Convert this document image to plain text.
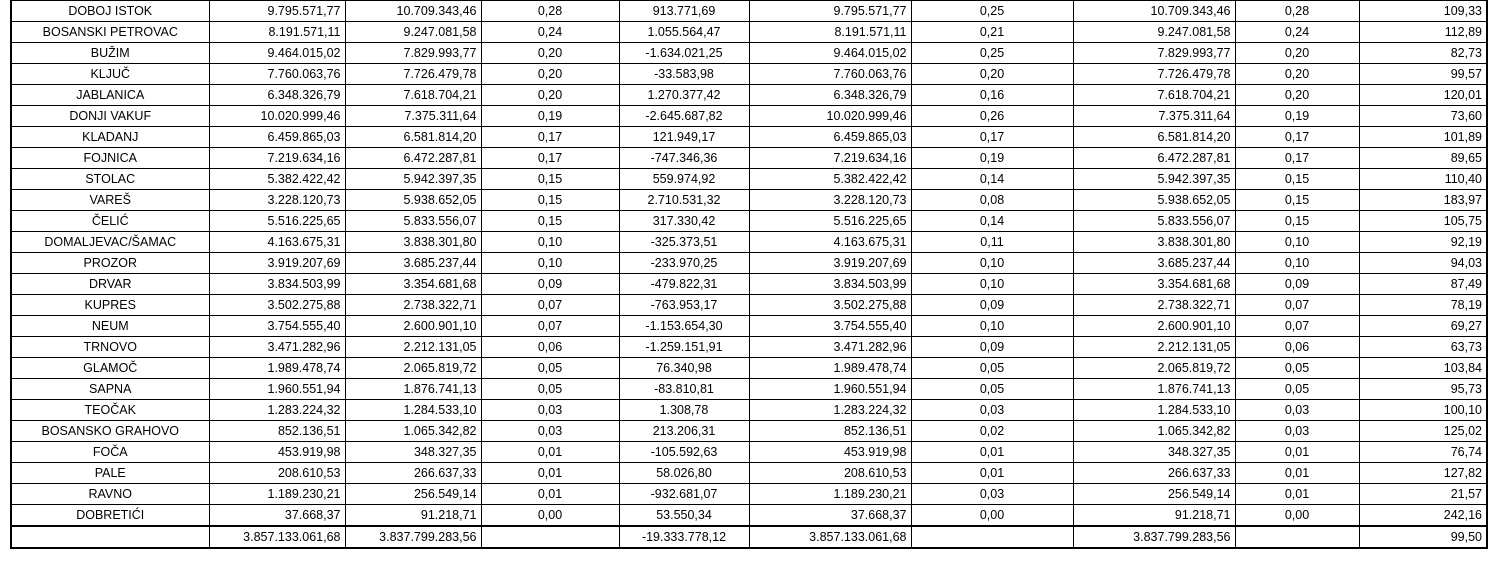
DOBOJ ISTOK	9.795.571,77	10.709.343,46	0,28	913.771,69	9.795.571,77	0,25	10.709.343,46	0,28	109,33
BOSANSKI PETROVAC	8.191.571,11	9.247.081,58	0,24	1.055.564,47	8.191.571,11	0,21	9.247.081,58	0,24	112,89
BUŽIM	9.464.015,02	7.829.993,77	0,20	-1.634.021,25	9.464.015,02	0,25	7.829.993,77	0,20	82,73
KLJUČ	7.760.063,76	7.726.479,78	0,20	-33.583,98	7.760.063,76	0,20	7.726.479,78	0,20	99,57
JABLANICA	6.348.326,79	7.618.704,21	0,20	1.270.377,42	6.348.326,79	0,16	7.618.704,21	0,20	120,01
DONJI VAKUF	10.020.999,46	7.375.311,64	0,19	-2.645.687,82	10.020.999,46	0,26	7.375.311,64	0,19	73,60
KLADANJ	6.459.865,03	6.581.814,20	0,17	121.949,17	6.459.865,03	0,17	6.581.814,20	0,17	101,89
FOJNICA	7.219.634,16	6.472.287,81	0,17	-747.346,36	7.219.634,16	0,19	6.472.287,81	0,17	89,65
STOLAC	5.382.422,42	5.942.397,35	0,15	559.974,92	5.382.422,42	0,14	5.942.397,35	0,15	110,40
VAREŠ	3.228.120,73	5.938.652,05	0,15	2.710.531,32	3.228.120,73	0,08	5.938.652,05	0,15	183,97
ČELIĆ	5.516.225,65	5.833.556,07	0,15	317.330,42	5.516.225,65	0,14	5.833.556,07	0,15	105,75
DOMALJEVAC/ŠAMAC	4.163.675,31	3.838.301,80	0,10	-325.373,51	4.163.675,31	0,11	3.838.301,80	0,10	92,19
PROZOR	3.919.207,69	3.685.237,44	0,10	-233.970,25	3.919.207,69	0,10	3.685.237,44	0,10	94,03
DRVAR	3.834.503,99	3.354.681,68	0,09	-479.822,31	3.834.503,99	0,10	3.354.681,68	0,09	87,49
KUPRES	3.502.275,88	2.738.322,71	0,07	-763.953,17	3.502.275,88	0,09	2.738.322,71	0,07	78,19
NEUM	3.754.555,40	2.600.901,10	0,07	-1.153.654,30	3.754.555,40	0,10	2.600.901,10	0,07	69,27
TRNOVO	3.471.282,96	2.212.131,05	0,06	-1.259.151,91	3.471.282,96	0,09	2.212.131,05	0,06	63,73
GLAMOČ	1.989.478,74	2.065.819,72	0,05	76.340,98	1.989.478,74	0,05	2.065.819,72	0,05	103,84
SAPNA	1.960.551,94	1.876.741,13	0,05	-83.810,81	1.960.551,94	0,05	1.876.741,13	0,05	95,73
TEOČAK	1.283.224,32	1.284.533,10	0,03	1.308,78	1.283.224,32	0,03	1.284.533,10	0,03	100,10
BOSANSKO GRAHOVO	852.136,51	1.065.342,82	0,03	213.206,31	852.136,51	0,02	1.065.342,82	0,03	125,02
FOČA	453.919,98	348.327,35	0,01	-105.592,63	453.919,98	0,01	348.327,35	0,01	76,74
PALE	208.610,53	266.637,33	0,01	58.026,80	208.610,53	0,01	266.637,33	0,01	127,82
RAVNO	1.189.230,21	256.549,14	0,01	-932.681,07	1.189.230,21	0,03	256.549,14	0,01	21,57
DOBRETIĆI	37.668,37	91.218,71	0,00	53.550,34	37.668,37	0,00	91.218,71	0,00	242,16
	3.857.133.061,68	3.837.799.283,56		-19.333.778,12	3.857.133.061,68		3.837.799.283,56		99,50
